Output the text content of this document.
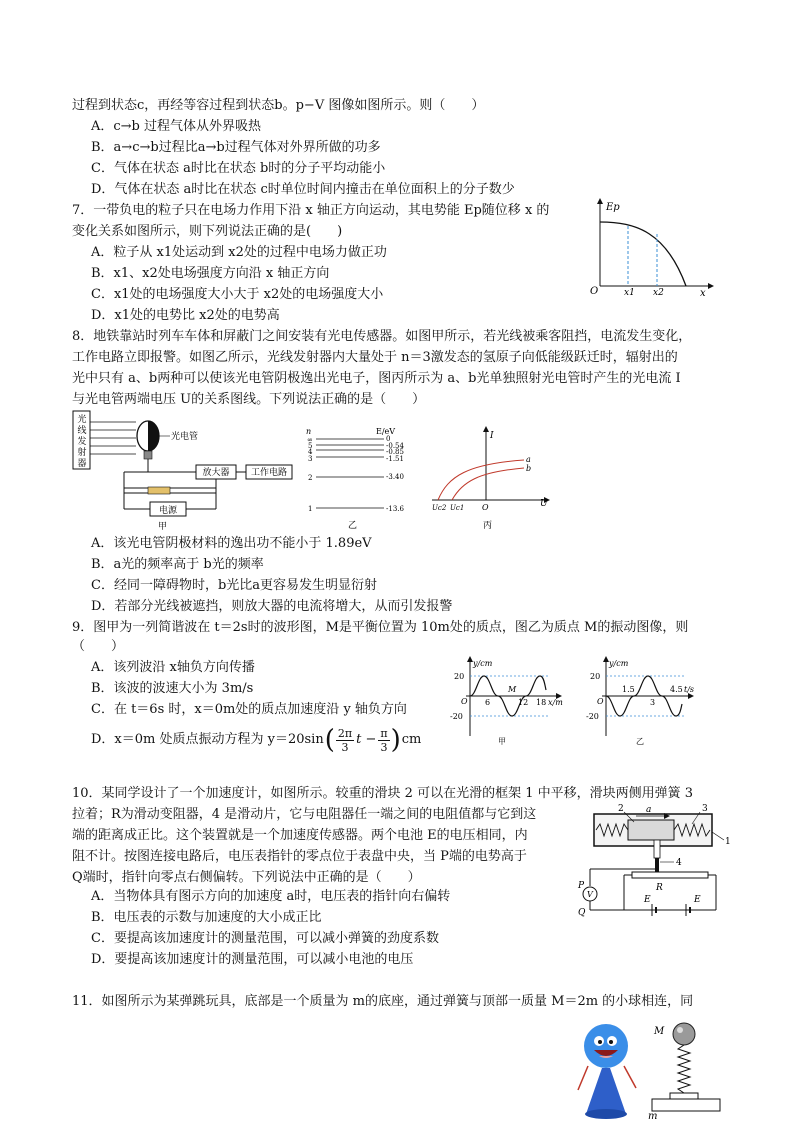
过程到状态c，再经等容过程到状态b。p−V 图像如图所示。则（　　）
A．c→b 过程气体从外界吸热
B．a→c→b过程比a→b过程气体对外界所做的功多
C．气体在状态 a时比在状态 b时的分子平均动能小
D．气体在状态 a时比在状态 c时单位时间内撞击在单位面积上的分子数少
7．一带负电的粒子只在电场力作用下沿 x 轴正方向运动，其电势能 Ep随位移 x 的
变化关系如图所示，则下列说法正确的是(　　)
A．粒子从 x1处运动到 x2处的过程中电场力做正功
B．x1、x2处电场强度方向沿 x 轴正方向
C．x1处的电场强度大小大于 x2处的电场强度大小
D．x1处的电势比 x2处的电势高
Ep
O	x1 x2	x
8．地铁靠站时列车车体和屏蔽门之间安装有光电传感器。如图甲所示，若光线被乘客阻挡，电流发生变化，
工作电路立即报警。如图乙所示，光线发射器内大量处于 n＝3激发态的氢原子向低能级跃迁时，辐射出的
光中只有 a、b两种可以使该光电管阴极逸出光电子，图丙所示为 a、b光单独照射光电管时产生的光电流 I
与光电管两端电压 U的关系图线。下列说法正确的是（　　）
光
线
发
射
器
光电管
放大器 工作电路
电源
甲
n	E/eV
∞	0
5	-0.54
4	-0.85
3	-1.51
2	-3.40
1	-13.6
乙
I
U
O
a
b
Uc2 Uc1
丙
A．该光电管阴极材料的逸出功不能小于 1.89eV
B．a光的频率高于 b光的频率
C．经同一障碍物时，b光比a更容易发生明显衍射
D．若部分光线被遮挡，则放大器的电流将增大，从而引发报警
9．图甲为一列简谐波在 t＝2s时的波形图，M是平衡位置为 10m处的质点，图乙为质点 M的振动图像，则
（　　）
A．该列波沿 x轴负方向传播
B．该波的波速大小为 3m/s
C．在 t＝6s 时，x＝0m处的质点加速度沿 y 轴负方向
D．x＝0m 处质点振动方程为 y＝20sin ( $\frac{2\pi}{3}$ $t - \frac{\pi}{3}$ ) cm
y/cm
20
-20
O 6
M
12 18 x/m
甲
y/cm
20
-20
O
1.5
3
4.5 t/s
乙
10．某同学设计了一个加速度计，如图所示。较重的滑块 2 可以在光滑的框架 1 中平移，滑块两侧用弹簧 3
拉着；R为滑动变阻器，4 是滑动片，它与电阻器任一端之间的电阻值都与它到这
端的距离成正比。这个装置就是一个加速度传感器。两个电池 E的电压相同，内
阻不计。按图连接电路后，电压表指针的零点位于表盘中央，当 P端的电势高于
Q端时，指针向零点右侧偏转。下列说法中正确的是（　　）
A．当物体具有图示方向的加速度 a时，电压表的指针向右偏转
B．电压表的示数与加速度的大小成正比
C．要提高该加速度计的测量范围，可以减小弹簧的劲度系数
D．要提高该加速度计的测量范围，可以减小电池的电压
1
a
2	3
4
R
V
P
Q
E	E
11．如图所示为某弹跳玩具，底部是一个质量为 m的底座，通过弹簧与顶部一质量 M＝2m 的小球相连，同
M
m
